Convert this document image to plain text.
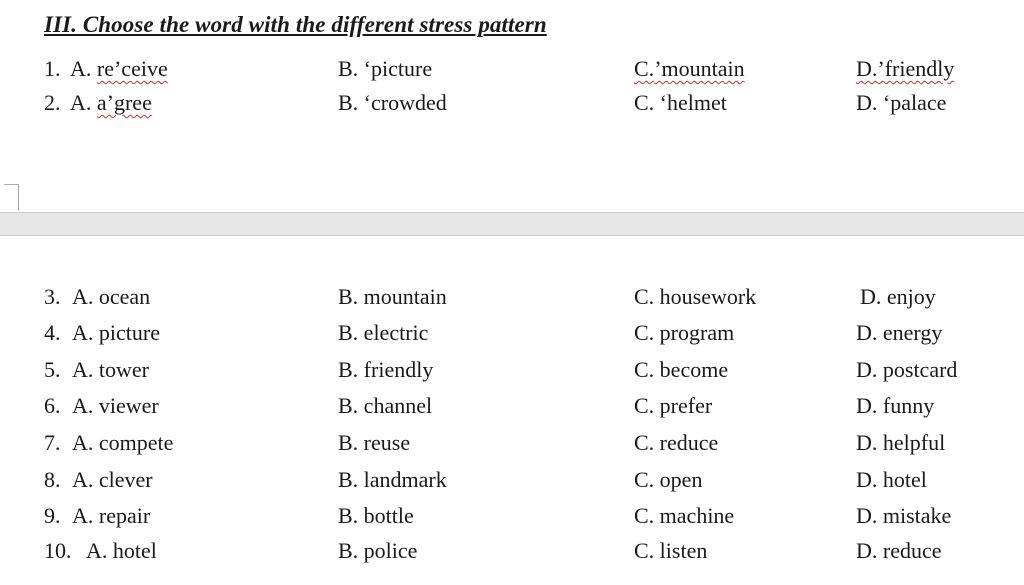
III. Choose the word with the different stress pattern
1. A. re’ceive	B. ‘picture	C.’mountain	D.’friendly
2. A. a’gree	B. ‘crowded	C. ‘helmet	D. ‘palace
3. A. ocean	B. mountain	C. housework	D. enjoy
4. A. picture	B. electric	C. program	D. energy
5. A. tower	B. friendly	C. become	D. postcard
6. A. viewer	B. channel	C. prefer	D. funny
7. A. compete	B. reuse	C. reduce	D. helpful
8. A. clever	B. landmark	C. open	D. hotel
9. A. repair	B. bottle	C. machine	D. mistake
10. A. hotel	B. police	C. listen	D. reduce
